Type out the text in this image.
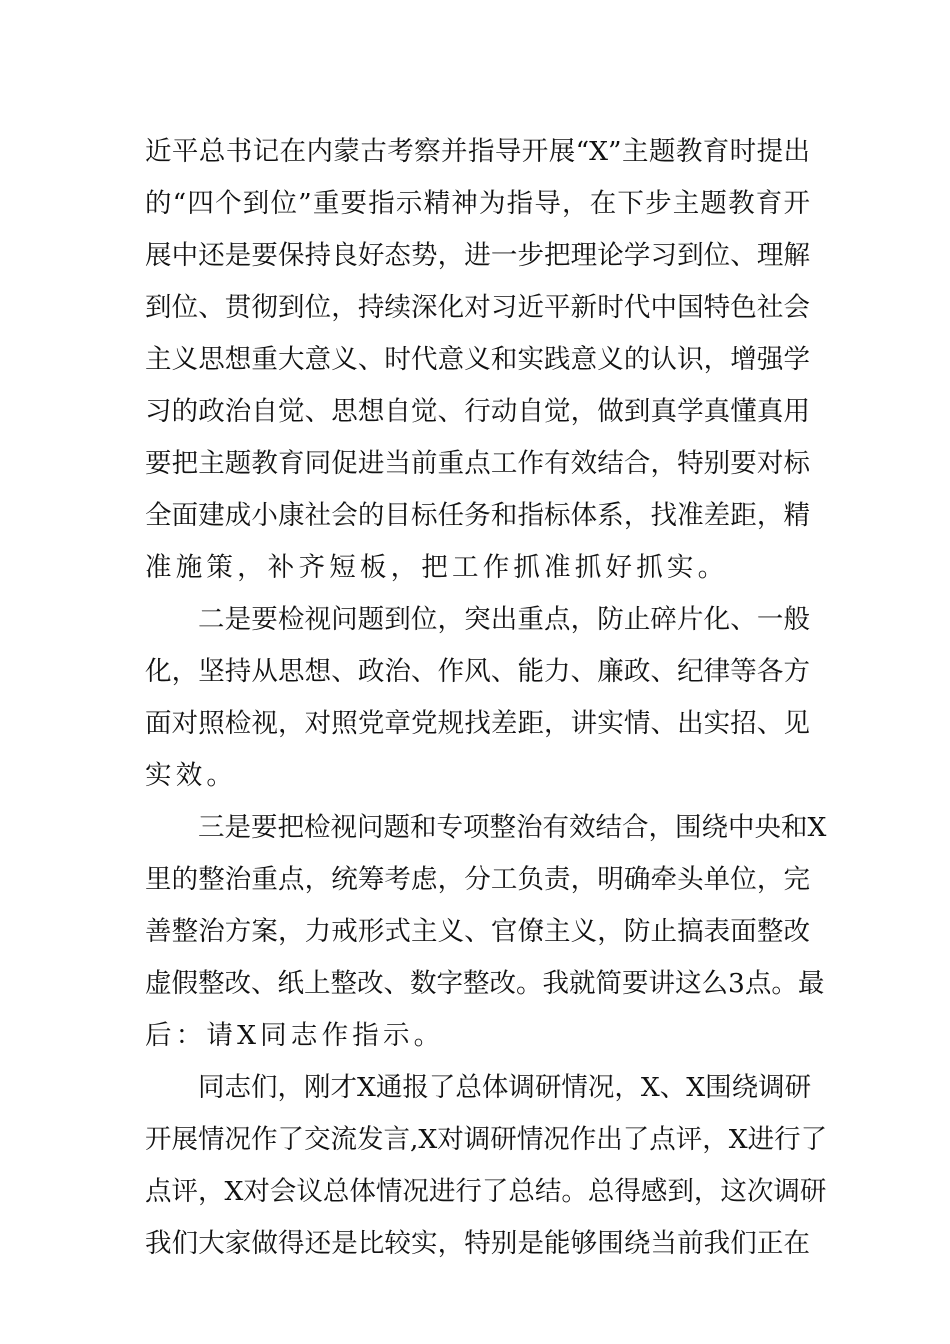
近平总书记在内蒙古考察并指导开展“X”主题教育时提出
的“四个到位”重要指示精神为指导，在下步主题教育开
展中还是要保持良好态势，进一步把理论学习到位、理解
到位、贯彻到位，持续深化对习近平新时代中国特色社会
主义思想重大意义、时代意义和实践意义的认识，增强学
习的政治自觉、思想自觉、行动自觉，做到真学真懂真用
要把主题教育同促进当前重点工作有效结合，特别要对标
全面建成小康社会的目标任务和指标体系，找准差距，精
准施策，补齐短板，把工作抓准抓好抓实。
二是要检视问题到位，突出重点，防止碎片化、一般
化，坚持从思想、政治、作风、能力、廉政、纪律等各方
面对照检视，对照党章党规找差距，讲实情、出实招、见
实效。
三是要把检视问题和专项整治有效结合，围绕中央和X
里的整治重点，统筹考虑，分工负责，明确牵头单位，完
善整治方案，力戒形式主义、官僚主义，防止搞表面整改
虚假整改、纸上整改、数字整改。我就简要讲这么3点。最
后：请X同志作指示。
同志们，刚才X通报了总体调研情况，X、X围绕调研
开展情况作了交流发言,X对调研情况作出了点评，X进行了
点评，X对会议总体情况进行了总结。总得感到，这次调研
我们大家做得还是比较实，特别是能够围绕当前我们正在
